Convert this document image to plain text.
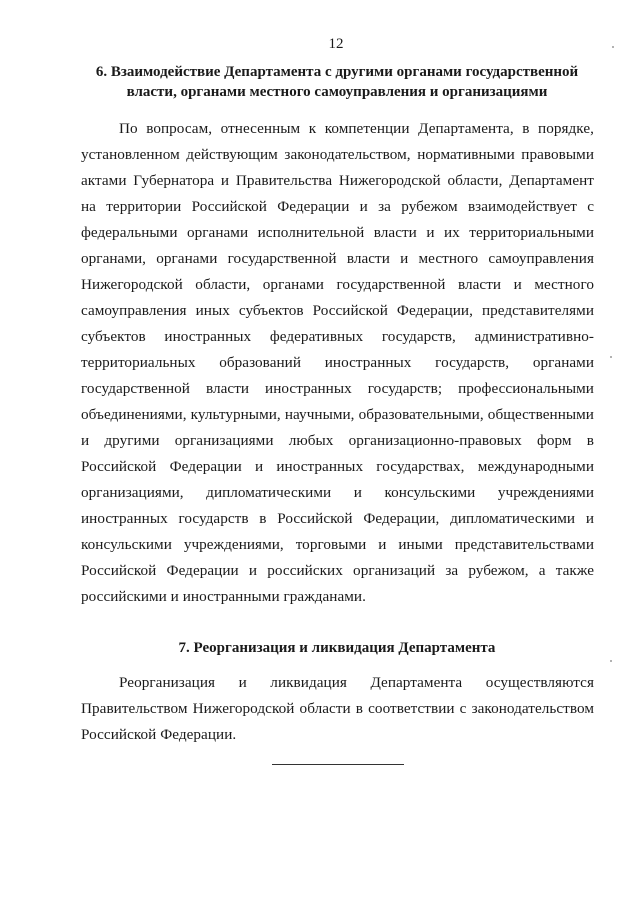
12
6. Взаимодействие Департамента с другими органами государственной власти, органами местного самоуправления и организациями

По вопросам, отнесенным к компетенции Департамента, в порядке, установленном действующим законодательством, нормативными правовыми актами Губернатора и Правительства Нижегородской области, Департамент на территории Российской Федерации и за рубежом взаимодействует с федеральными органами исполнительной власти и их территориальными органами, органами государственной власти и местного самоуправления Нижегородской области, органами государственной власти и местного самоуправления иных субъектов Российской Федерации, представителями субъектов иностранных федеративных государств, административно-территориальных образований иностранных государств, органами государственной власти иностранных государств; профессиональными объединениями, культурными, научными, образовательными, общественными и другими организациями любых организационно-правовых форм в Российской Федерации и иностранных государствах, международными организациями, дипломатическими и консульскими учреждениями иностранных государств в Российской Федерации, дипломатическими и консульскими учреждениями, торговыми и иными представительствами Российской Федерации и российских организаций за рубежом, а также российскими и иностранными гражданами.

7. Реорганизация и ликвидация Департамента

Реорганизация и ликвидация Департамента осуществляются Правительством Нижегородской области в соответствии с законодательством Российской Федерации.
